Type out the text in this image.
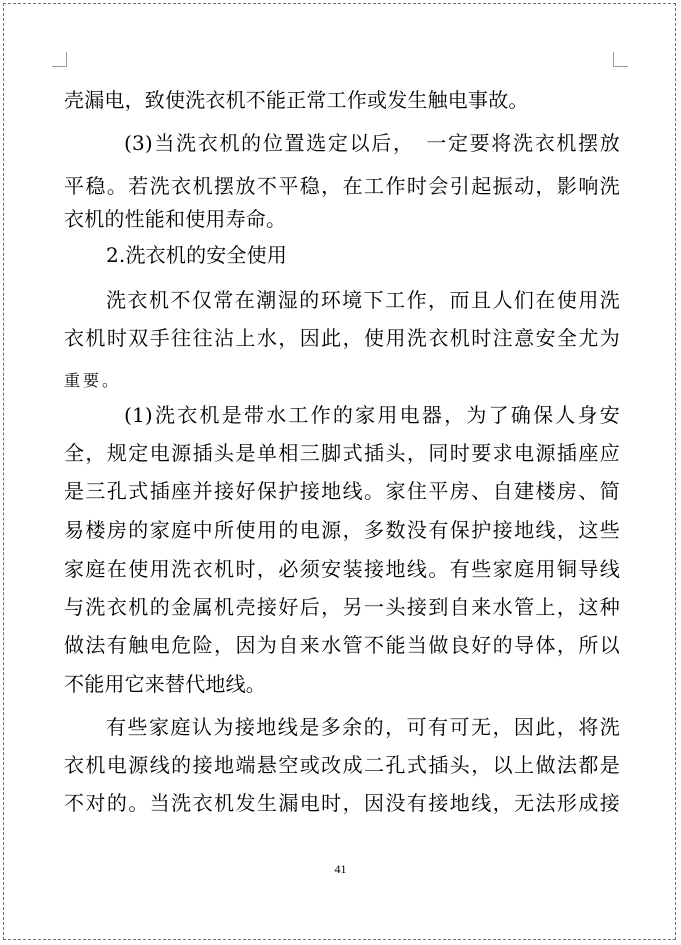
壳漏电，致使洗衣机不能正常工作或发生触电事故。
(3)当洗衣机的位置选定以后，　一定要将洗衣机摆放
平稳。若洗衣机摆放不平稳，在工作时会引起振动，影响洗
衣机的性能和使用寿命。
2.洗衣机的安全使用
洗衣机不仅常在潮湿的环境下工作，而且人们在使用洗
衣机时双手往往沾上水，因此，使用洗衣机时注意安全尤为
重要。
(1)洗衣机是带水工作的家用电器，为了确保人身安
全，规定电源插头是单相三脚式插头，同时要求电源插座应
是三孔式插座并接好保护接地线。家住平房、自建楼房、简
易楼房的家庭中所使用的电源，多数没有保护接地线，这些
家庭在使用洗衣机时，必须安装接地线。有些家庭用铜导线
与洗衣机的金属机壳接好后，另一头接到自来水管上，这种
做法有触电危险，因为自来水管不能当做良好的导体，所以
不能用它来替代地线。
有些家庭认为接地线是多余的，可有可无，因此，将洗
衣机电源线的接地端悬空或改成二孔式插头，以上做法都是
不对的。当洗衣机发生漏电时，因没有接地线，无法形成接
41
